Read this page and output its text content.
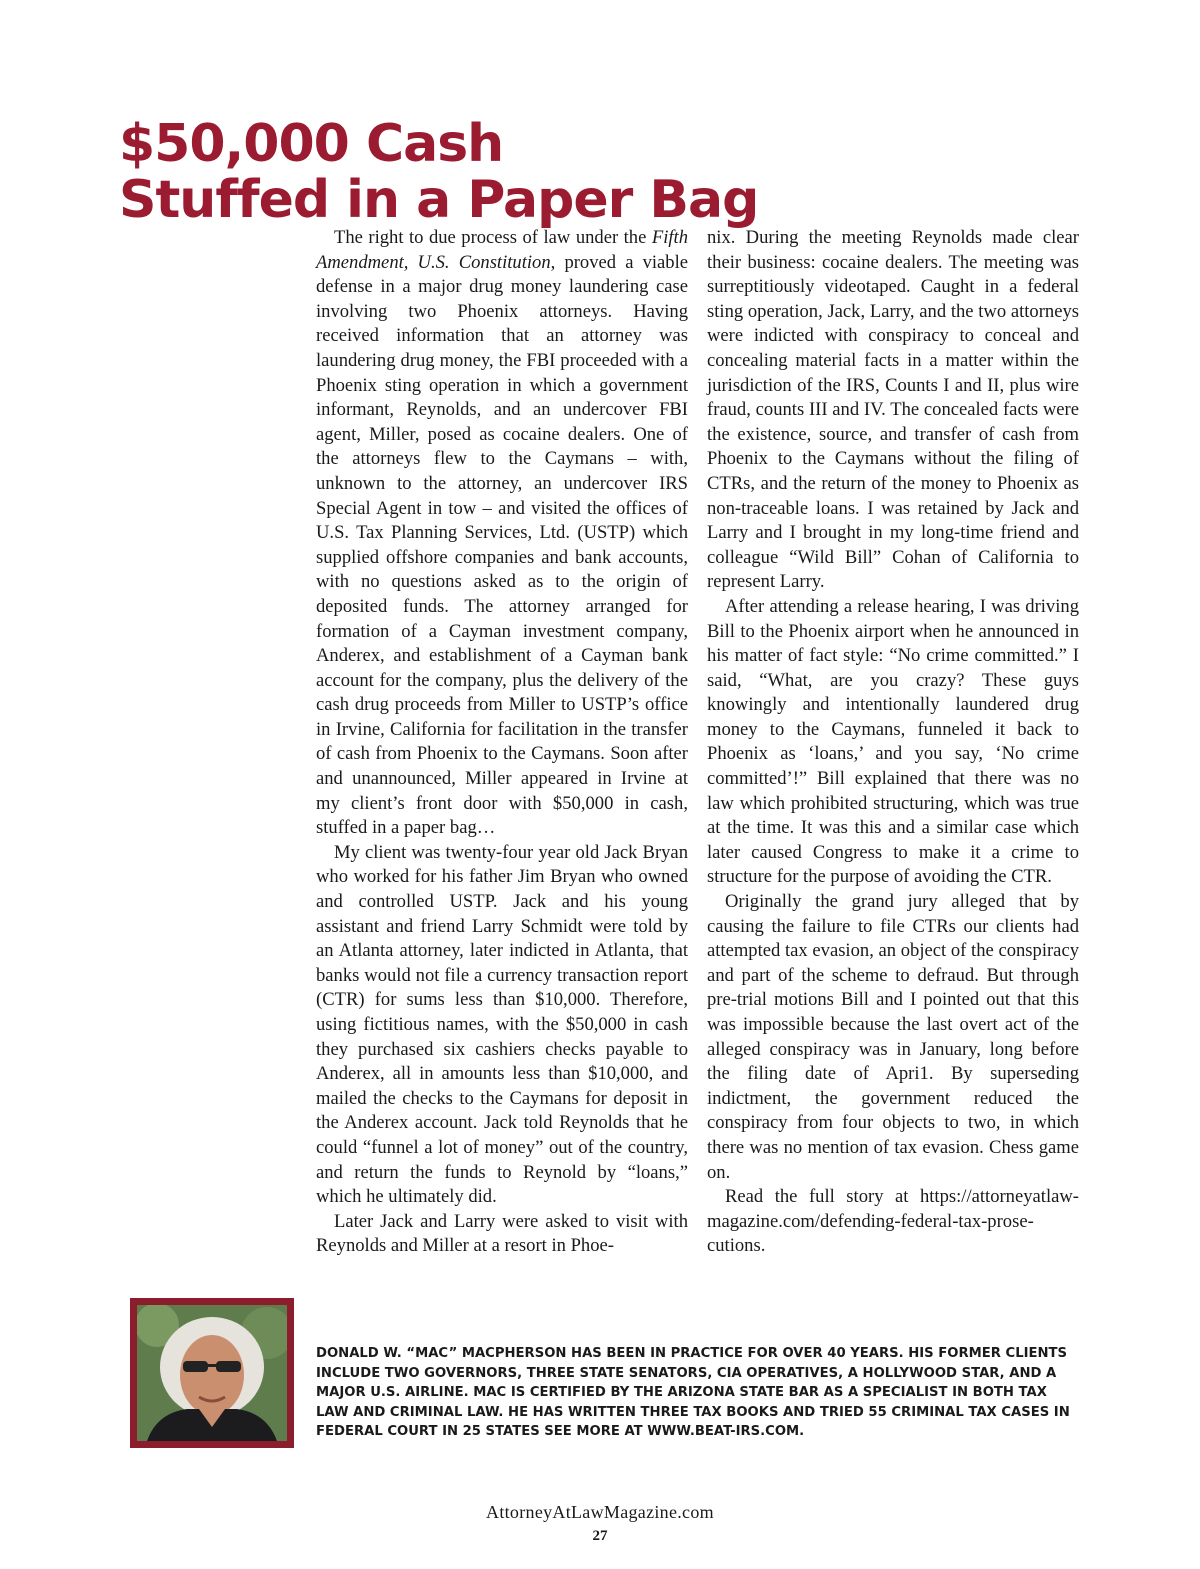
$50,000 Cash
Stuffed in a Paper Bag

The right to due process of law under the Fifth Amendment, U.S. Constitution, proved a viable defense in a major drug money laundering case involving two Phoenix attorneys. Having received information that an attorney was laundering drug money, the FBI proceeded with a Phoenix sting operation in which a government informant, Reynolds, and an undercover FBI agent, Miller, posed as cocaine dealers. One of the attorneys flew to the Caymans – with, unknown to the attorney, an undercover IRS Special Agent in tow – and visited the offices of U.S. Tax Planning Services, Ltd. (USTP) which supplied offshore companies and bank accounts, with no questions asked as to the origin of deposited funds. The attorney arranged for formation of a Cayman investment company, Anderex, and establishment of a Cayman bank account for the company, plus the delivery of the cash drug proceeds from Miller to USTP’s office in Irvine, California for facilitation in the transfer of cash from Phoenix to the Caymans. Soon after and unannounced, Miller appeared in Irvine at my client’s front door with $50,000 in cash, stuffed in a paper bag…

My client was twenty-four year old Jack Bryan who worked for his father Jim Bryan who owned and controlled USTP. Jack and his young assistant and friend Larry Schmidt were told by an Atlanta attorney, later indicted in Atlanta, that banks would not file a currency transaction report (CTR) for sums less than $10,000. Therefore, using fictitious names, with the $50,000 in cash they purchased six cashiers checks payable to Anderex, all in amounts less than $10,000, and mailed the checks to the Caymans for deposit in the Anderex account. Jack told Reynolds that he could “funnel a lot of money” out of the country, and return the funds to Reynold by “loans,” which he ultimately did.

Later Jack and Larry were asked to visit with Reynolds and Miller at a resort in Phoe-

nix. During the meeting Reynolds made clear their business: cocaine dealers. The meeting was surreptitiously videotaped. Caught in a federal sting operation, Jack, Larry, and the two attorneys were indicted with conspiracy to conceal and concealing material facts in a matter within the jurisdiction of the IRS, Counts I and II, plus wire fraud, counts III and IV. The concealed facts were the existence, source, and transfer of cash from Phoenix to the Caymans without the filing of CTRs, and the return of the money to Phoenix as non-traceable loans. I was retained by Jack and Larry and I brought in my long-time friend and colleague “Wild Bill” Cohan of California to represent Larry.

After attending a release hearing, I was driving Bill to the Phoenix airport when he announced in his matter of fact style: “No crime committed.” I said, “What, are you crazy? These guys knowingly and intentionally laundered drug money to the Caymans, funneled it back to Phoenix as ‘loans,’ and you say, ‘No crime committed’!” Bill explained that there was no law which prohibited structuring, which was true at the time. It was this and a similar case which later caused Congress to make it a crime to structure for the purpose of avoiding the CTR.

Originally the grand jury alleged that by causing the failure to file CTRs our clients had attempted tax evasion, an object of the conspiracy and part of the scheme to defraud. But through pre-trial motions Bill and I pointed out that this was impossible because the last overt act of the alleged conspiracy was in January, long before the filing date of Apri1. By superseding indictment, the government reduced the conspiracy from four objects to two, in which there was no mention of tax evasion. Chess game on.

Read the full story at https://attorneyatlaw-magazine.com/defending-federal-tax-prose-cutions.

DONALD W. “MAC” MACPHERSON HAS BEEN IN PRACTICE FOR OVER 40 YEARS. HIS FORMER CLIENTS INCLUDE TWO GOVERNORS, THREE STATE SENATORS, CIA OPERATIVES, A HOLLYWOOD STAR, AND A MAJOR U.S. AIRLINE. MAC IS CERTIFIED BY THE ARIZONA STATE BAR AS A SPECIALIST IN BOTH TAX LAW AND CRIMINAL LAW. HE HAS WRITTEN THREE TAX BOOKS AND TRIED 55 CRIMINAL TAX CASES IN FEDERAL COURT IN 25 STATES SEE MORE AT WWW.BEAT-IRS.COM.

AttorneyAtLawMagazine.com
27
